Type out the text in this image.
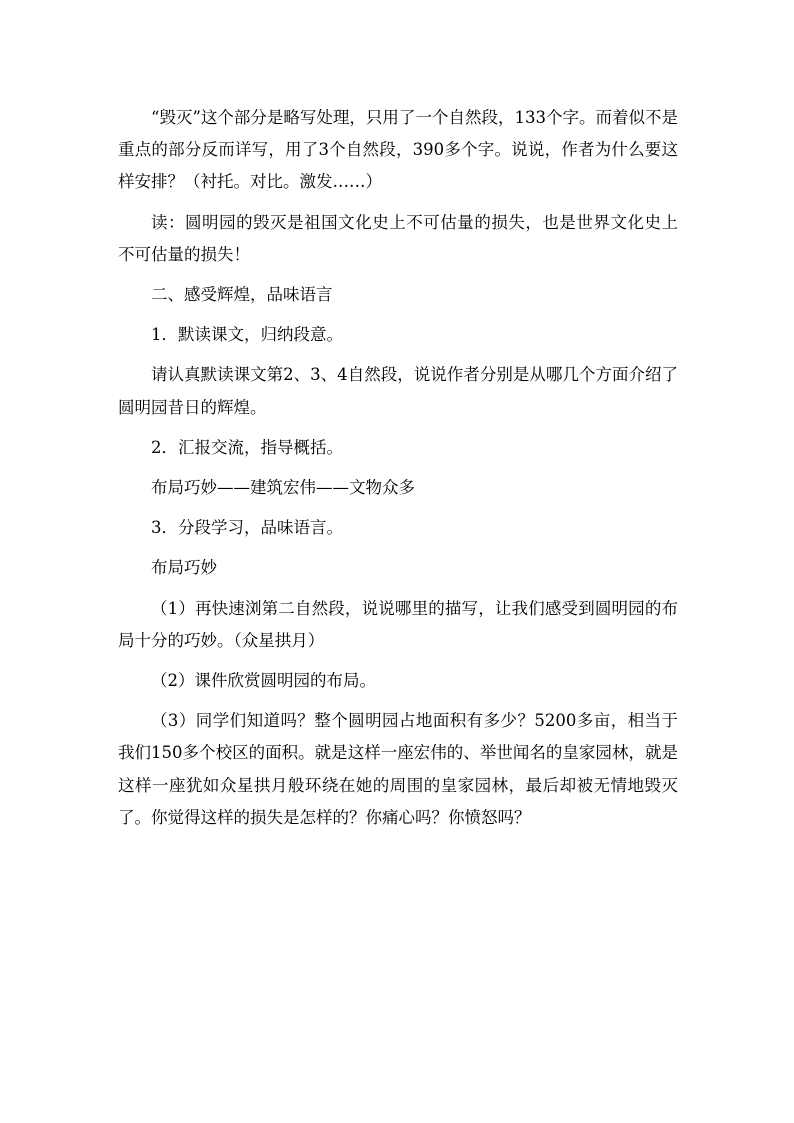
“毁灭”这个部分是略写处理，只用了一个自然段，133个字。而着似不是重点的部分反而详写，用了3个自然段，390多个字。说说，作者为什么要这样安排？（衬托。对比。激发……）

读：圆明园的毁灭是祖国文化史上不可估量的损失，也是世界文化史上不可估量的损失！

二、感受辉煌，品味语言

1．默读课文，归纳段意。

请认真默读课文第2、3、4自然段，说说作者分别是从哪几个方面介绍了圆明园昔日的辉煌。

2．汇报交流，指导概括。

布局巧妙——建筑宏伟——文物众多

3．分段学习，品味语言。

布局巧妙

（1）再快速浏第二自然段，说说哪里的描写，让我们感受到圆明园的布局十分的巧妙。（众星拱月）

（2）课件欣赏圆明园的布局。

（3）同学们知道吗？整个圆明园占地面积有多少？5200多亩，相当于我们150多个校区的面积。就是这样一座宏伟的、举世闻名的皇家园林，就是这样一座犹如众星拱月般环绕在她的周围的皇家园林，最后却被无情地毁灭了。你觉得这样的损失是怎样的？你痛心吗？你愤怒吗？
